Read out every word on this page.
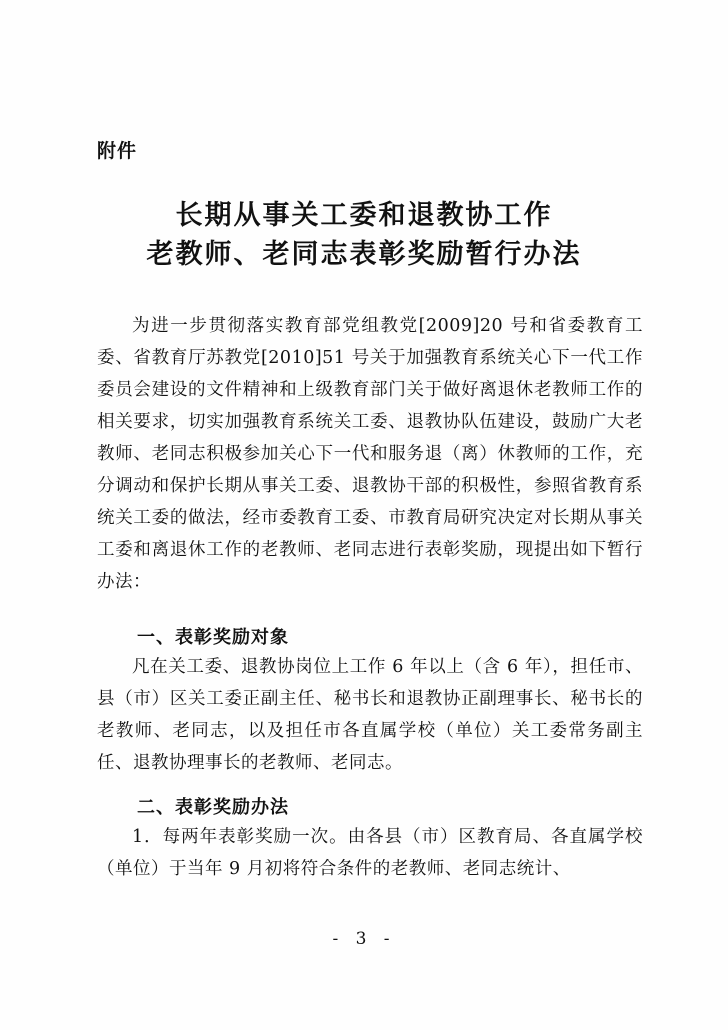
附件
长期从事关工委和退教协工作
老教师、老同志表彰奖励暂行办法
为进一步贯彻落实教育部党组教党[2009]20 号和省委教育工委、省教育厅苏教党[2010]51 号关于加强教育系统关心下一代工作委员会建设的文件精神和上级教育部门关于做好离退休老教师工作的相关要求，切实加强教育系统关工委、退教协队伍建设，鼓励广大老教师、老同志积极参加关心下一代和服务退（离）休教师的工作，充分调动和保护长期从事关工委、退教协干部的积极性，参照省教育系统关工委的做法，经市委教育工委、市教育局研究决定对长期从事关工委和离退休工作的老教师、老同志进行表彰奖励，现提出如下暂行办法：
一、表彰奖励对象
凡在关工委、退教协岗位上工作 6 年以上（含 6 年），担任市、县（市）区关工委正副主任、秘书长和退教协正副理事长、秘书长的老教师、老同志，以及担任市各直属学校（单位）关工委常务副主任、退教协理事长的老教师、老同志。
二、表彰奖励办法
1．每两年表彰奖励一次。由各县（市）区教育局、各直属学校（单位）于当年 9 月初将符合条件的老教师、老同志统计、
- 3 -
